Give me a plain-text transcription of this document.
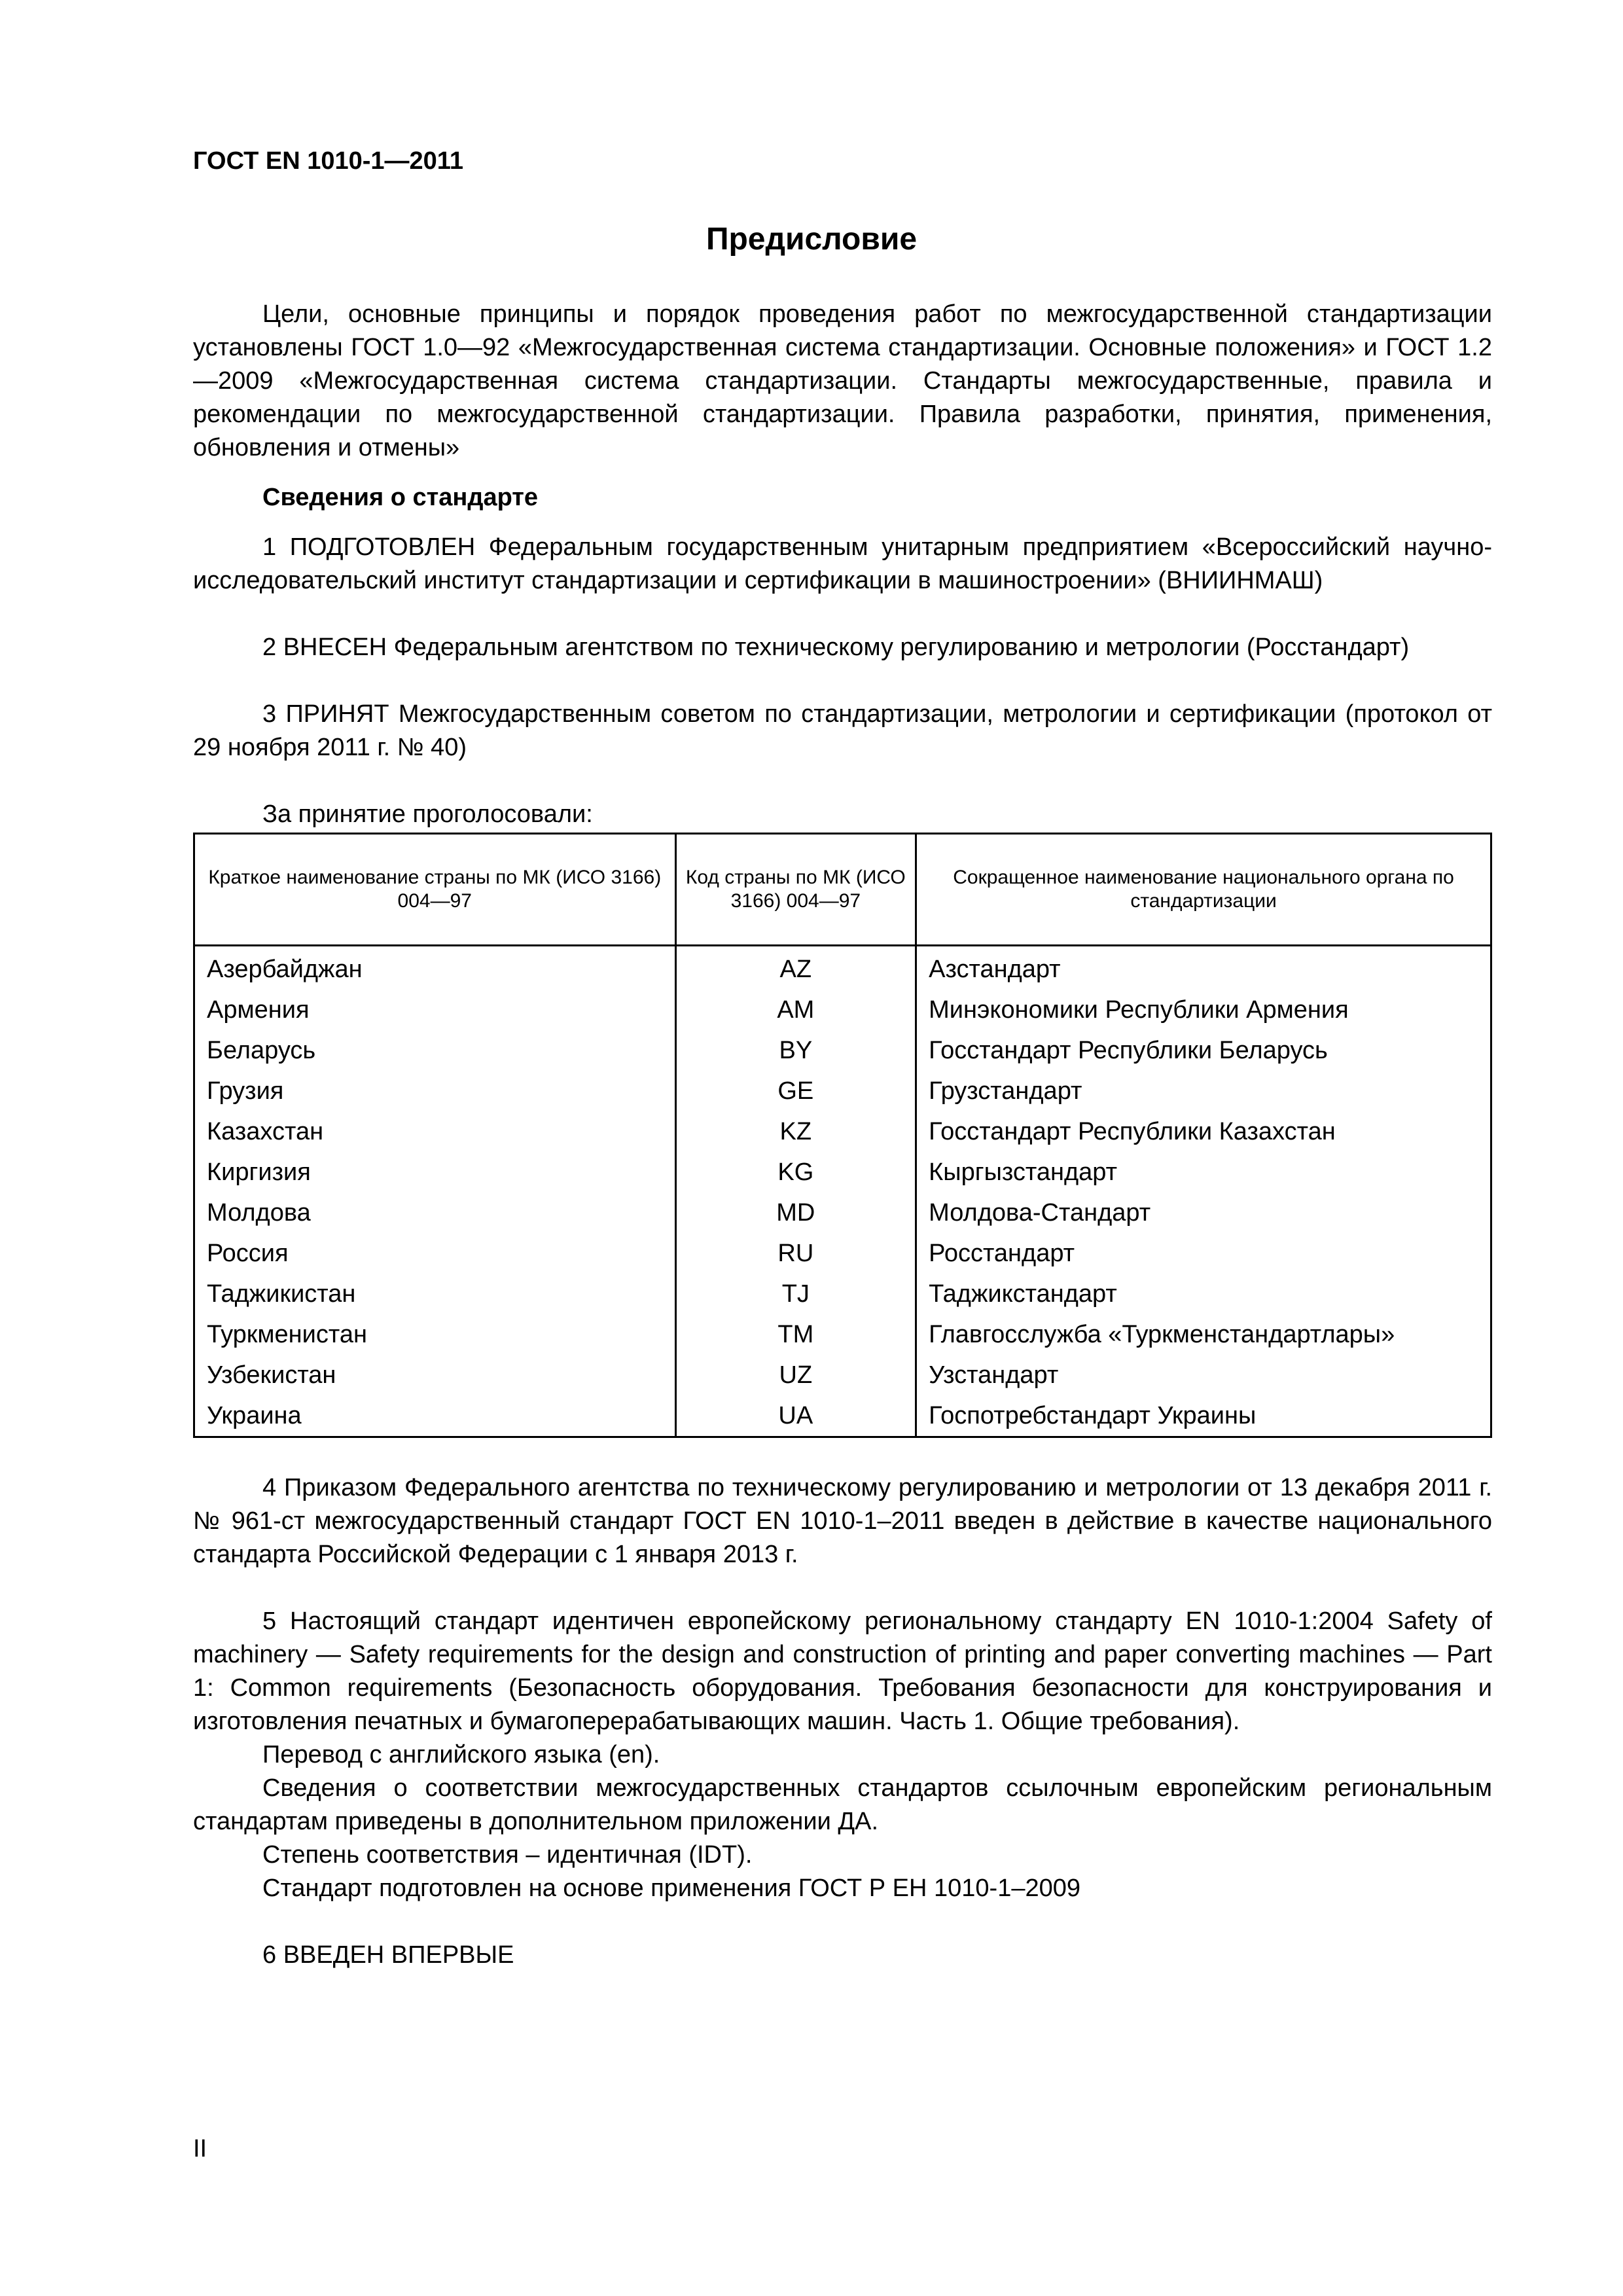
ГОСТ EN 1010-1—2011
Предисловие

Цели, основные принципы и порядок проведения работ по межгосударственной стандартизации установлены ГОСТ 1.0—92 «Межгосударственная система стандартизации. Основные положения» и ГОСТ 1.2—2009 «Межгосударственная система стандартизации. Стандарты межгосударственные, правила и рекомендации по межгосударственной стандартизации. Правила разработки, принятия, применения, обновления и отмены»

Сведения о стандарте

1 ПОДГОТОВЛЕН Федеральным государственным унитарным предприятием «Всероссийский научно-исследовательский институт стандартизации и сертификации в машиностроении» (ВНИИНМАШ)

2 ВНЕСЕН Федеральным агентством по техническому регулированию и метрологии (Росстандарт)

3 ПРИНЯТ Межгосударственным советом по стандартизации, метрологии и сертификации (протокол от 29 ноября 2011 г. № 40)

За принятие проголосовали:

Краткое наименование страны по МК (ИСО 3166) 004—97	Код страны по МК (ИСО 3166) 004—97	Сокращенное наименование национального органа по стандартизации
Азербайджан	AZ	Азстандарт
Армения	AM	Минэкономики Республики Армения
Беларусь	BY	Госстандарт Республики Беларусь
Грузия	GE	Грузстандарт
Казахстан	KZ	Госстандарт Республики Казахстан
Киргизия	KG	Кыргызстандарт
Молдова	MD	Молдова-Стандарт
Россия	RU	Росстандарт
Таджикистан	TJ	Таджикстандарт
Туркменистан	TM	Главгосслужба «Туркменстандартлары»
Узбекистан	UZ	Узстандарт
Украина	UA	Госпотребстандарт Украины

4 Приказом Федерального агентства по техническому регулированию и метрологии от 13 декабря 2011 г. № 961-ст межгосударственный стандарт ГОСТ EN 1010-1–2011 введен в действие в качестве национального стандарта Российской Федерации с 1 января 2013 г.

5 Настоящий стандарт идентичен европейскому региональному стандарту EN 1010-1:2004 Safety of machinery — Safety requirements for the design and construction of printing and paper converting machines — Part 1: Common requirements (Безопасность оборудования. Требования безопасности для конструирования и изготовления печатных и бумагоперерабатывающих машин. Часть 1. Общие требования).

Перевод с английского языка (en).

Сведения о соответствии межгосударственных стандартов ссылочным европейским региональным стандартам приведены в дополнительном приложении ДА.

Степень соответствия – идентичная (IDT).

Стандарт подготовлен на основе применения ГОСТ Р ЕН 1010-1–2009

6 ВВЕДЕН ВПЕРВЫЕ

II
